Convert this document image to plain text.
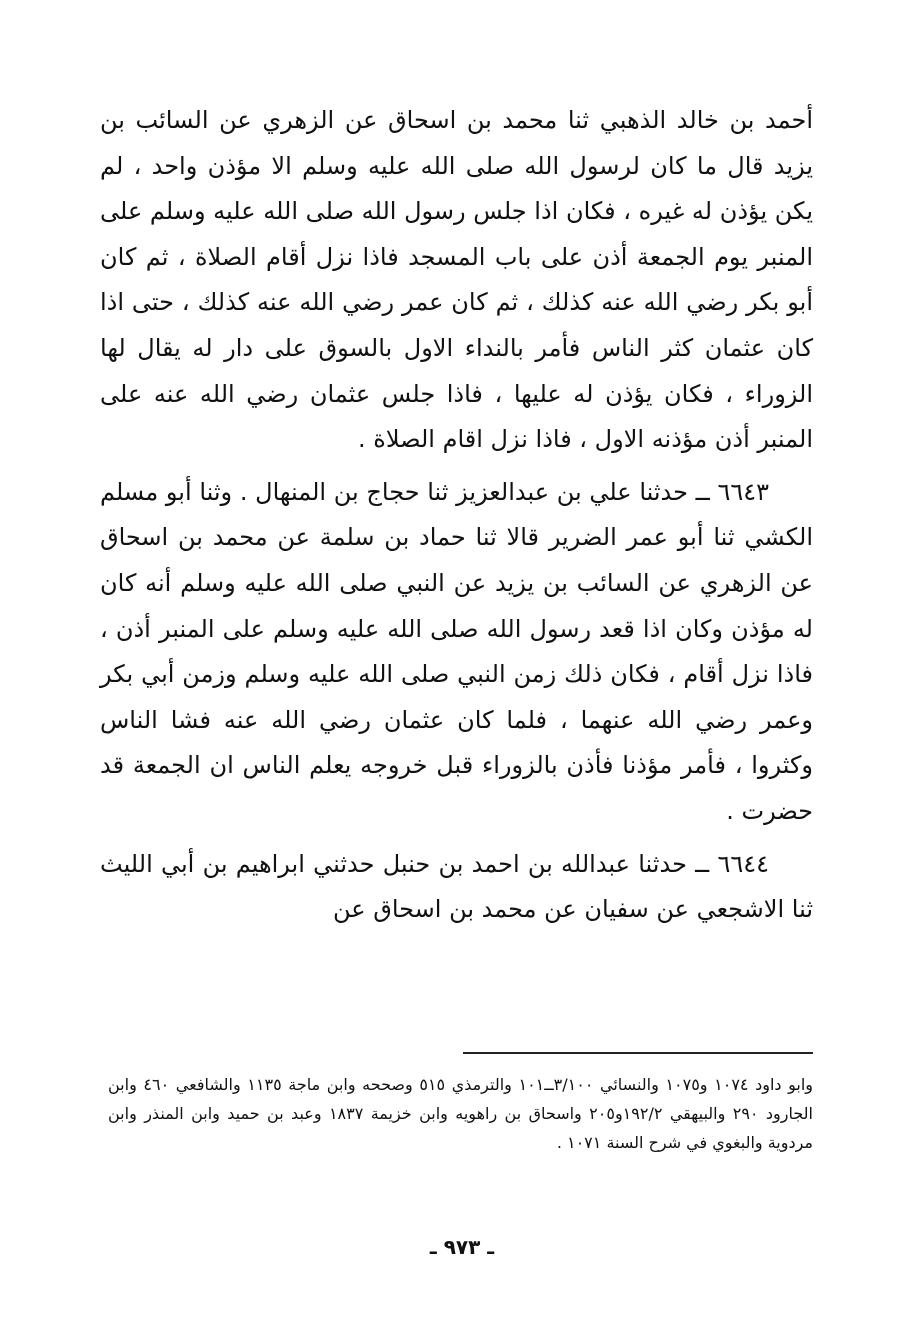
أحمد بن خالد الذهبي ثنا محمد بن اسحاق عن الزهري عن السائب بن يزيد قال ما كان لرسول الله صلى الله عليه وسلم الا مؤذن واحد ، لم يكن يؤذن له غيره ، فكان اذا جلس رسول الله صلى الله عليه وسلم على المنبر يوم الجمعة أذن على باب المسجد فاذا نزل أقام الصلاة ، ثم كان أبو بكر رضي الله عنه كذلك ، ثم كان عمر رضي الله عنه كذلك ، حتى اذا كان عثمان كثر الناس فأمر بالنداء الاول بالسوق على دار له يقال لها الزوراء ، فكان يؤذن له عليها ، فاذا جلس عثمان رضي الله عنه على المنبر أذن مؤذنه الاول ، فاذا نزل اقام الصلاة .

٦٦٤٣ ــ حدثنا علي بن عبدالعزيز ثنا حجاج بن المنهال . وثنا أبو مسلم الكشي ثنا أبو عمر الضرير قالا ثنا حماد بن سلمة عن محمد بن اسحاق عن الزهري عن السائب بن يزيد عن النبي صلى الله عليه وسلم أنه كان له مؤذن وكان اذا قعد رسول الله صلى الله عليه وسلم على المنبر أذن ، فاذا نزل أقام ، فكان ذلك زمن النبي صلى الله عليه وسلم وزمن أبي بكر وعمر رضي الله عنهما ، فلما كان عثمان رضي الله عنه فشا الناس وكثروا ، فأمر مؤذنا فأذن بالزوراء قبل خروجه يعلم الناس ان الجمعة قد حضرت .

٦٦٤٤ ــ حدثنا عبدالله بن احمد بن حنبل حدثني ابراهيم بن أبي الليث ثنا الاشجعي عن سفيان عن محمد بن اسحاق عن

وابو داود ١٠٧٤ و١٠٧٥ والنسائي ٣/١٠٠ــ١٠١ والترمذي ٥١٥ وصححه وابن ماجة ١١٣٥ والشافعي ٤٦٠ وابن الجارود ٢٩٠ والبيهقي ١٩٢/٢و٢٠٥ واسحاق بن راهويه وابن خزيمة ١٨٣٧ وعبد بن حميد وابن المنذر وابن مردوية والبغوي في شرح السنة ١٠٧١ .

ـ ٩٧٣ ـ
